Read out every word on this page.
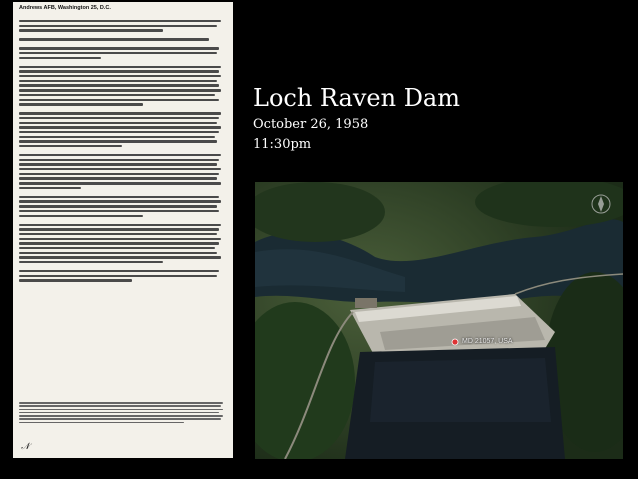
Andrews AFB, Washington 25, D.C.
𝒩
Loch Raven Dam
October 26, 1958
11:30pm
MD 21057, USA
